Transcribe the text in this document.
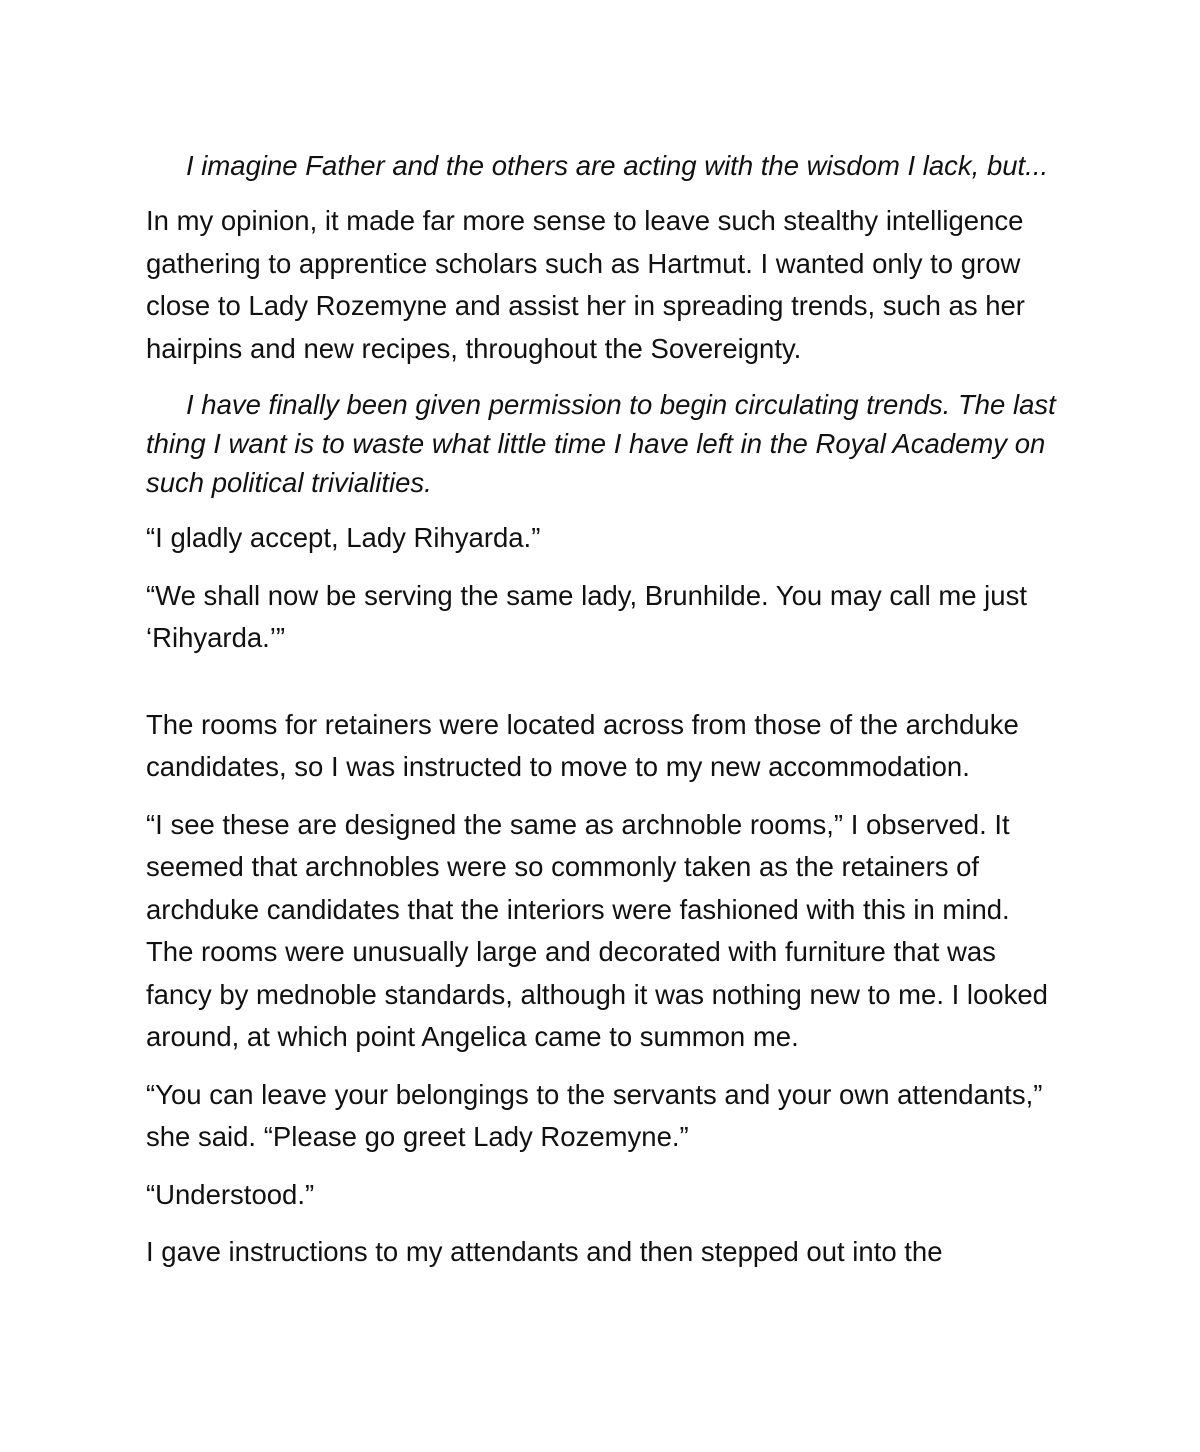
I imagine Father and the others are acting with the wisdom I lack, but...

In my opinion, it made far more sense to leave such stealthy intelligence gathering to apprentice scholars such as Hartmut. I wanted only to grow close to Lady Rozemyne and assist her in spreading trends, such as her hairpins and new recipes, throughout the Sovereignty.

I have finally been given permission to begin circulating trends. The last thing I want is to waste what little time I have left in the Royal Academy on such political trivialities.

“I gladly accept, Lady Rihyarda.”

“We shall now be serving the same lady, Brunhilde. You may call me just ‘Rihyarda.’”

The rooms for retainers were located across from those of the archduke candidates, so I was instructed to move to my new accommodation.

“I see these are designed the same as archnoble rooms,” I observed. It seemed that archnobles were so commonly taken as the retainers of archduke candidates that the interiors were fashioned with this in mind. The rooms were unusually large and decorated with furniture that was fancy by mednoble standards, although it was nothing new to me. I looked around, at which point Angelica came to summon me.

“You can leave your belongings to the servants and your own attendants,” she said. “Please go greet Lady Rozemyne.”

“Understood.”

I gave instructions to my attendants and then stepped out into the
